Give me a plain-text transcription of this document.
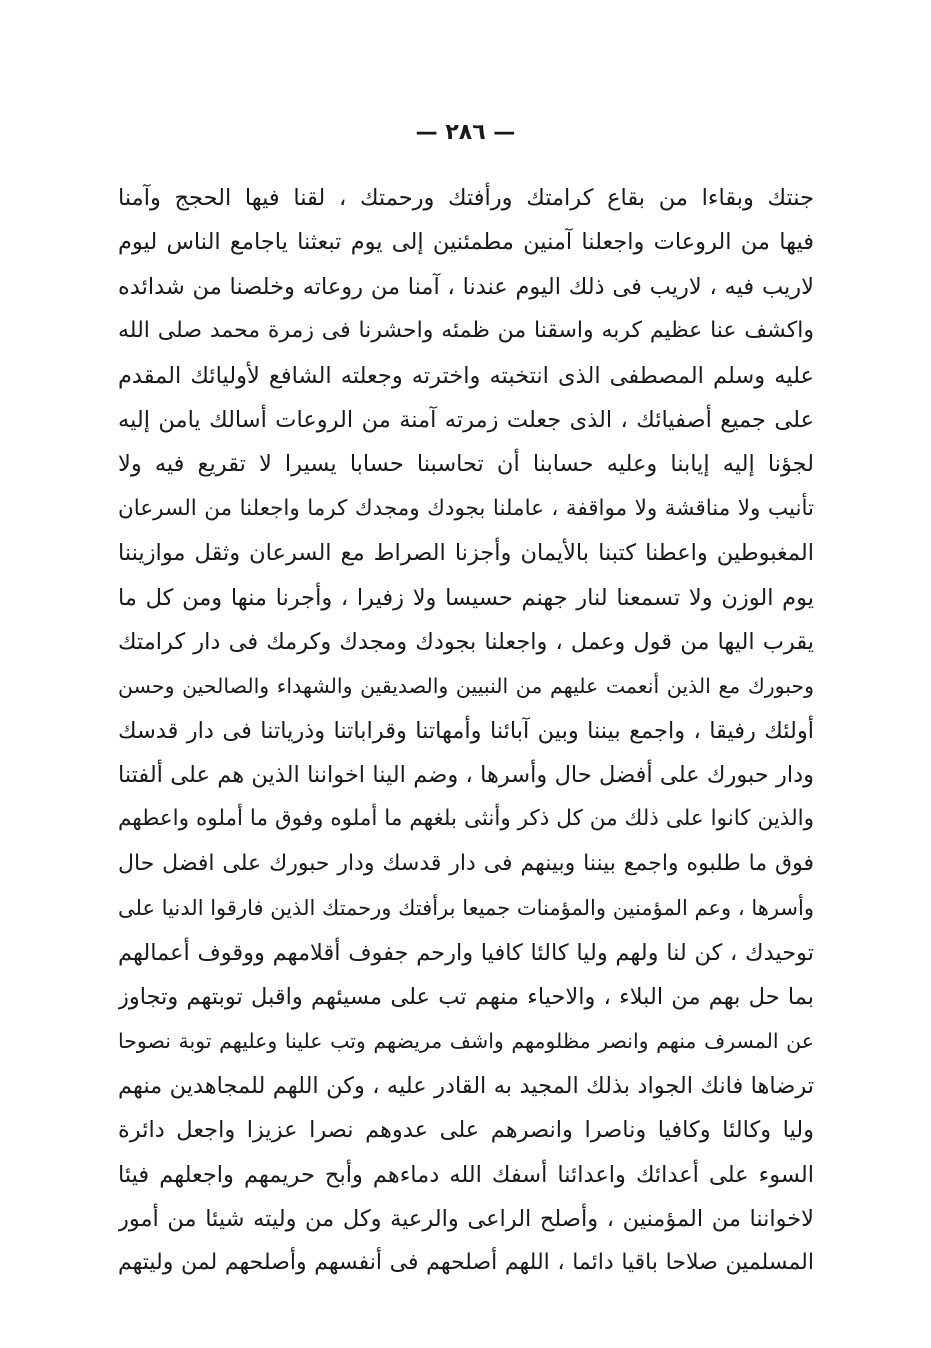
— ٢٨٦ —
جنتك وبقاءا من بقاع كرامتك ورأفتك ورحمتك ، لقنا فيها الحجج وآمنا
فيها من الروعات واجعلنا آمنين مطمئنين إلى يوم تبعثنا ياجامع الناس ليوم
لاريب فيه ، لاريب فى ذلك اليوم عندنا ، آمنا من روعاته وخلصنا من شدائده
واكشف عنا عظيم كربه واسقنا من ظمئه واحشرنا فى زمرة محمد صلى الله
عليه وسلم المصطفى الذى انتخبته واخترته وجعلته الشافع لأوليائك المقدم
على جميع أصفيائك ، الذى جعلت زمرته آمنة من الروعات أسالك يامن إليه
لجؤنا إليه إيابنا وعليه حسابنا أن تحاسبنا حسابا يسيرا لا تقريع فيه ولا
تأنيب ولا مناقشة ولا مواقفة ، عاملنا بجودك ومجدك كرما واجعلنا من السرعان
المغبوطين واعطنا كتبنا بالأيمان وأجزنا الصراط مع السرعان وثقل موازيننا
يوم الوزن ولا تسمعنا لنار جهنم حسيسا ولا زفيرا ، وأجرنا منها ومن كل ما
يقرب اليها من قول وعمل ، واجعلنا بجودك ومجدك وكرمك فى دار كرامتك
وحبورك مع الذين أنعمت عليهم من النبيين والصديقين والشهداء والصالحين وحسن
أولئك رفيقا ، واجمع بيننا وبين آبائنا وأمهاتنا وقراباتنا وذرياتنا فى دار قدسك
ودار حبورك على أفضل حال وأسرها ، وضم الينا اخواننا الذين هم على ألفتنا
والذين كانوا على ذلك من كل ذكر وأنثى بلغهم ما أملوه وفوق ما أملوه واعطهم
فوق ما طلبوه واجمع بيننا وبينهم فى دار قدسك ودار حبورك على افضل حال
وأسرها ، وعم المؤمنين والمؤمنات جميعا برأفتك ورحمتك الذين فارقوا الدنيا على
توحيدك ، كن لنا ولهم وليا كالئا كافيا وارحم جفوف أقلامهم ووقوف أعمالهم
بما حل بهم من البلاء ، والاحياء منهم تب على مسيئهم واقبل توبتهم وتجاوز
عن المسرف منهم وانصر مظلومهم واشف مريضهم وتب علينا وعليهم توبة نصوحا
ترضاها فانك الجواد بذلك المجيد به القادر عليه ، وكن اللهم للمجاهدين منهم
وليا وكالئا وكافيا وناصرا وانصرهم على عدوهم نصرا عزيزا واجعل دائرة
السوء على أعدائك واعدائنا أسفك الله دماءهم وأبح حريمهم واجعلهم فيئا
لاخواننا من المؤمنين ، وأصلح الراعى والرعية وكل من وليته شيئا من أمور
المسلمين صلاحا باقيا دائما ، اللهم أصلحهم فى أنفسهم وأصلحهم لمن وليتهم
